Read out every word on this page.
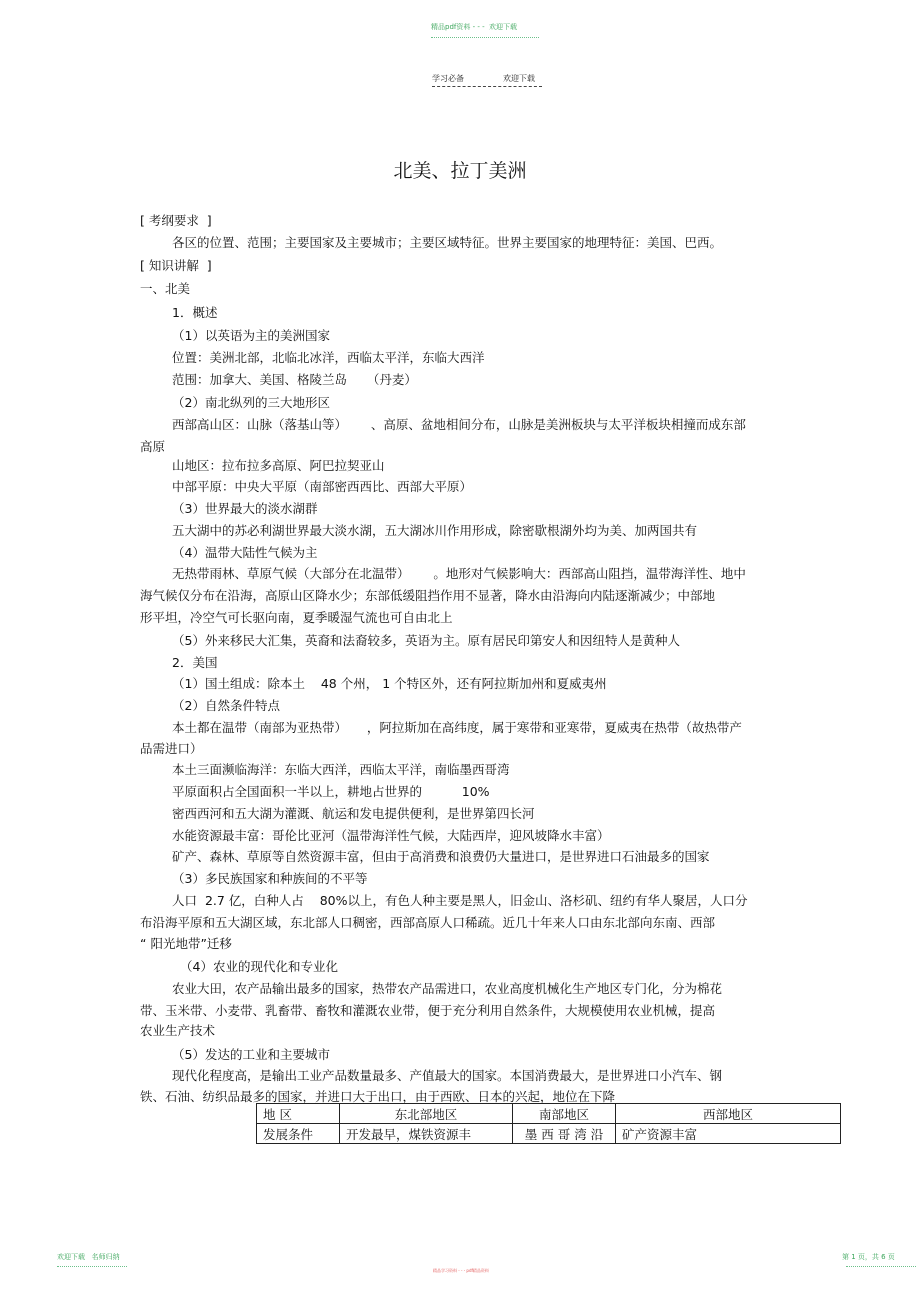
精品pdf资料 - - -  欢迎下载
学习必备	欢迎下载
北美、拉丁美洲
[ 考纲要求  ]
各区的位置、范围；主要国家及主要城市；主要区域特征。世界主要国家的地理特征：美国、巴西。
[ 知识讲解  ]
一、北美
1．概述
（1）以英语为主的美洲国家
位置：美洲北部，北临北冰洋，西临太平洋，东临大西洋
范围：加拿大、美国、格陵兰岛     （丹麦）
（2）南北纵列的三大地形区
西部高山区：山脉（落基山等）      、高原、盆地相间分布，山脉是美洲板块与太平洋板块相撞而成东部
高原
山地区：拉布拉多高原、阿巴拉契亚山
中部平原：中央大平原（南部密西西比、西部大平原）
（3）世界最大的淡水湖群
五大湖中的苏必利湖世界最大淡水湖，五大湖冰川作用形成，除密歇根湖外均为美、加两国共有
（4）温带大陆性气候为主
无热带雨林、草原气候（大部分在北温带）      。地形对气候影响大：西部高山阻挡，温带海洋性、地中
海气候仅分布在沿海，高原山区降水少；东部低缓阻挡作用不显著，降水由沿海向内陆逐渐减少；中部地
形平坦，冷空气可长驱向南，夏季暖湿气流也可自由北上
（5）外来移民大汇集，英裔和法裔较多，英语为主。原有居民印第安人和因纽特人是黄种人
2．美国
（1）国土组成：除本土    48 个州， 1 个特区外，还有阿拉斯加州和夏威夷州
（2）自然条件特点
本土都在温带（南部为亚热带）     ，阿拉斯加在高纬度，属于寒带和亚寒带，夏威夷在热带（故热带产
品需进口）
本土三面濒临海洋：东临大西洋，西临太平洋，南临墨西哥湾
平原面积占全国面积一半以上，耕地占世界的          10%
密西西河和五大湖为灌溉、航运和发电提供便利，是世界第四长河
水能资源最丰富：哥伦比亚河（温带海洋性气候，大陆西岸，迎风坡降水丰富）
矿产、森林、草原等自然资源丰富，但由于高消费和浪费仍大量进口，是世界进口石油最多的国家
（3）多民族国家和种族间的不平等
人口  2.7 亿，白种人占    80%以上，有色人种主要是黑人，旧金山、洛杉矶、纽约有华人聚居，人口分
布沿海平原和五大湖区域，东北部人口稠密，西部高原人口稀疏。近几十年来人口由东北部向东南、西部
“ 阳光地带”迁移
（4）农业的现代化和专业化
农业大田，农产品输出最多的国家，热带农产品需进口，农业高度机械化生产地区专门化，分为棉花
带、玉米带、小麦带、乳畜带、畜牧和灌溉农业带，便于充分利用自然条件，大规模使用农业机械，提高
农业生产技术
（5）发达的工业和主要城市
现代化程度高，是输出工业产品数量最多、产值最大的国家。本国消费最大，是世界进口小汽车、钢
铁、石油、纺织品最多的国家，并进口大于出口，由于西欧、日本的兴起，地位在下降
地 区	东北部地区	南部地区	西部地区
发展条件	开发最早，煤铁资源丰	墨 西 哥 湾 沿	矿产资源丰富
欢迎下载   名师归纳
精品学习资料 - - - pdf精品资料
第 1 页，共 6 页
